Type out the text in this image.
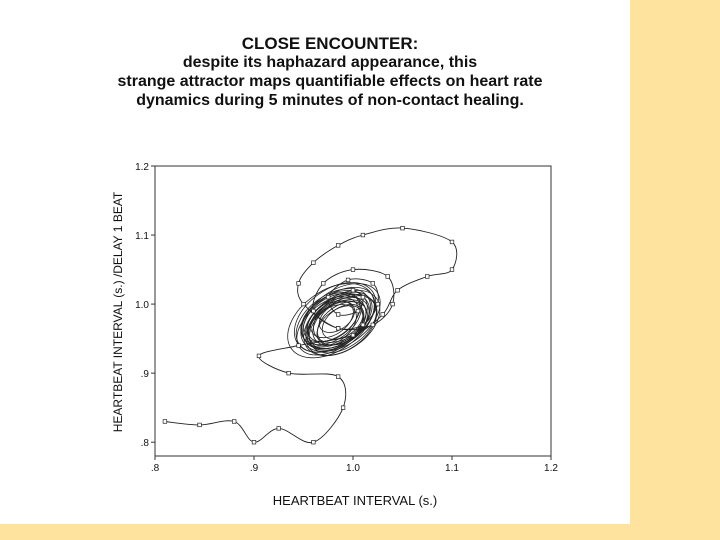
CLOSE ENCOUNTER:
despite its haphazard appearance, this
strange attractor maps quantifiable effects on heart rate
dynamics during 5 minutes of non-contact healing.
.8	.9	1.0	1.1	1.2
.8
.9
1.0
1.1
1.2
HEARTBEAT INTERVAL (s.)
HEARTBEAT INTERVAL (s.) /DELAY 1 BEAT
